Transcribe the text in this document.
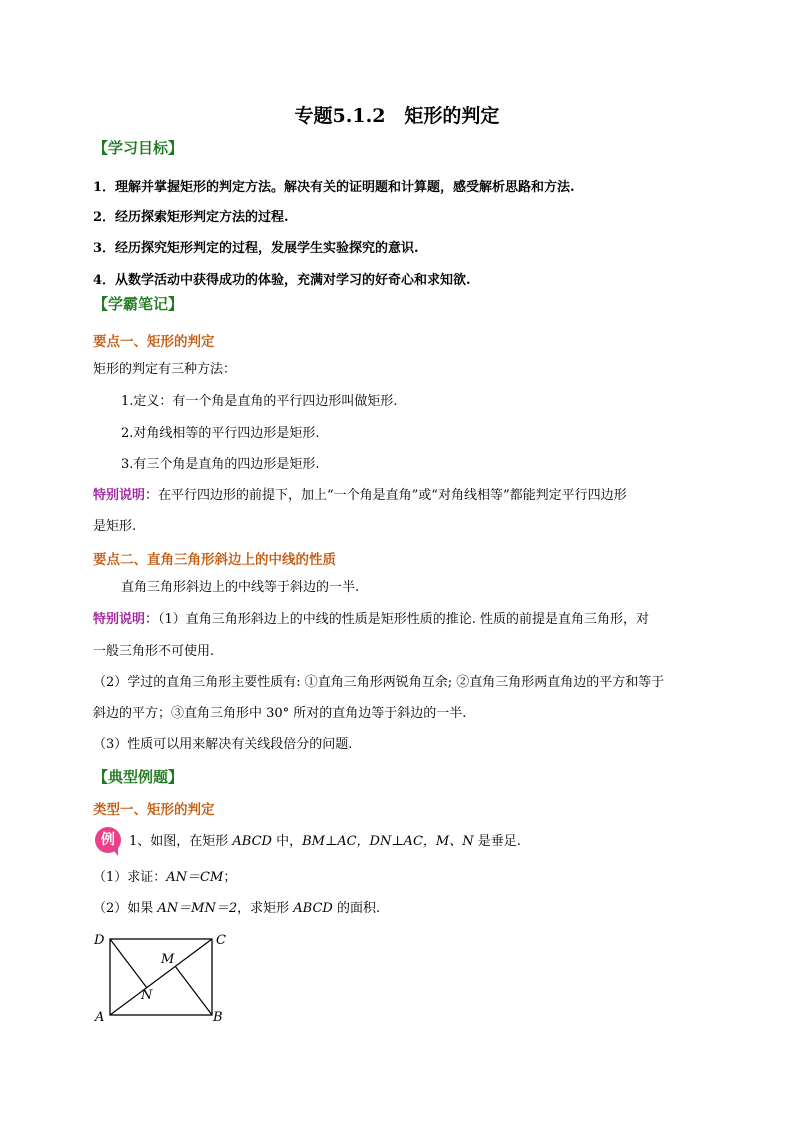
专题5.1.2　矩形的判定
【学习目标】
1．理解并掌握矩形的判定方法。解决有关的证明题和计算题，感受解析思路和方法.
2．经历探索矩形判定方法的过程.
3．经历探究矩形判定的过程，发展学生实验探究的意识.
4．从数学活动中获得成功的体验，充满对学习的好奇心和求知欲.
【学霸笔记】
要点一、矩形的判定
矩形的判定有三种方法：
1.定义：有一个角是直角的平行四边形叫做矩形.
2.对角线相等的平行四边形是矩形.
3.有三个角是直角的四边形是矩形.
特别说明：在平行四边形的前提下，加上“一个角是直角”或“对角线相等”都能判定平行四边形
是矩形.
要点二、直角三角形斜边上的中线的性质
直角三角形斜边上的中线等于斜边的一半.
特别说明：（1）直角三角形斜边上的中线的性质是矩形性质的推论. 性质的前提是直角三角形，对
一般三角形不可使用.
（2）学过的直角三角形主要性质有: ①直角三角形两锐角互余; ②直角三角形两直角边的平方和等于
斜边的平方；③直角三角形中 30° 所对的直角边等于斜边的一半.
（3）性质可以用来解决有关线段倍分的问题.
【典型例题】
类型一、矩形的判定
例	1、如图，在矩形 ABCD 中，BM⊥AC，DN⊥AC，M、N 是垂足.
（1）求证：AN＝CM；
（2）如果 AN＝MN＝2，求矩形 ABCD 的面积.
D	C
A	B
M
N
